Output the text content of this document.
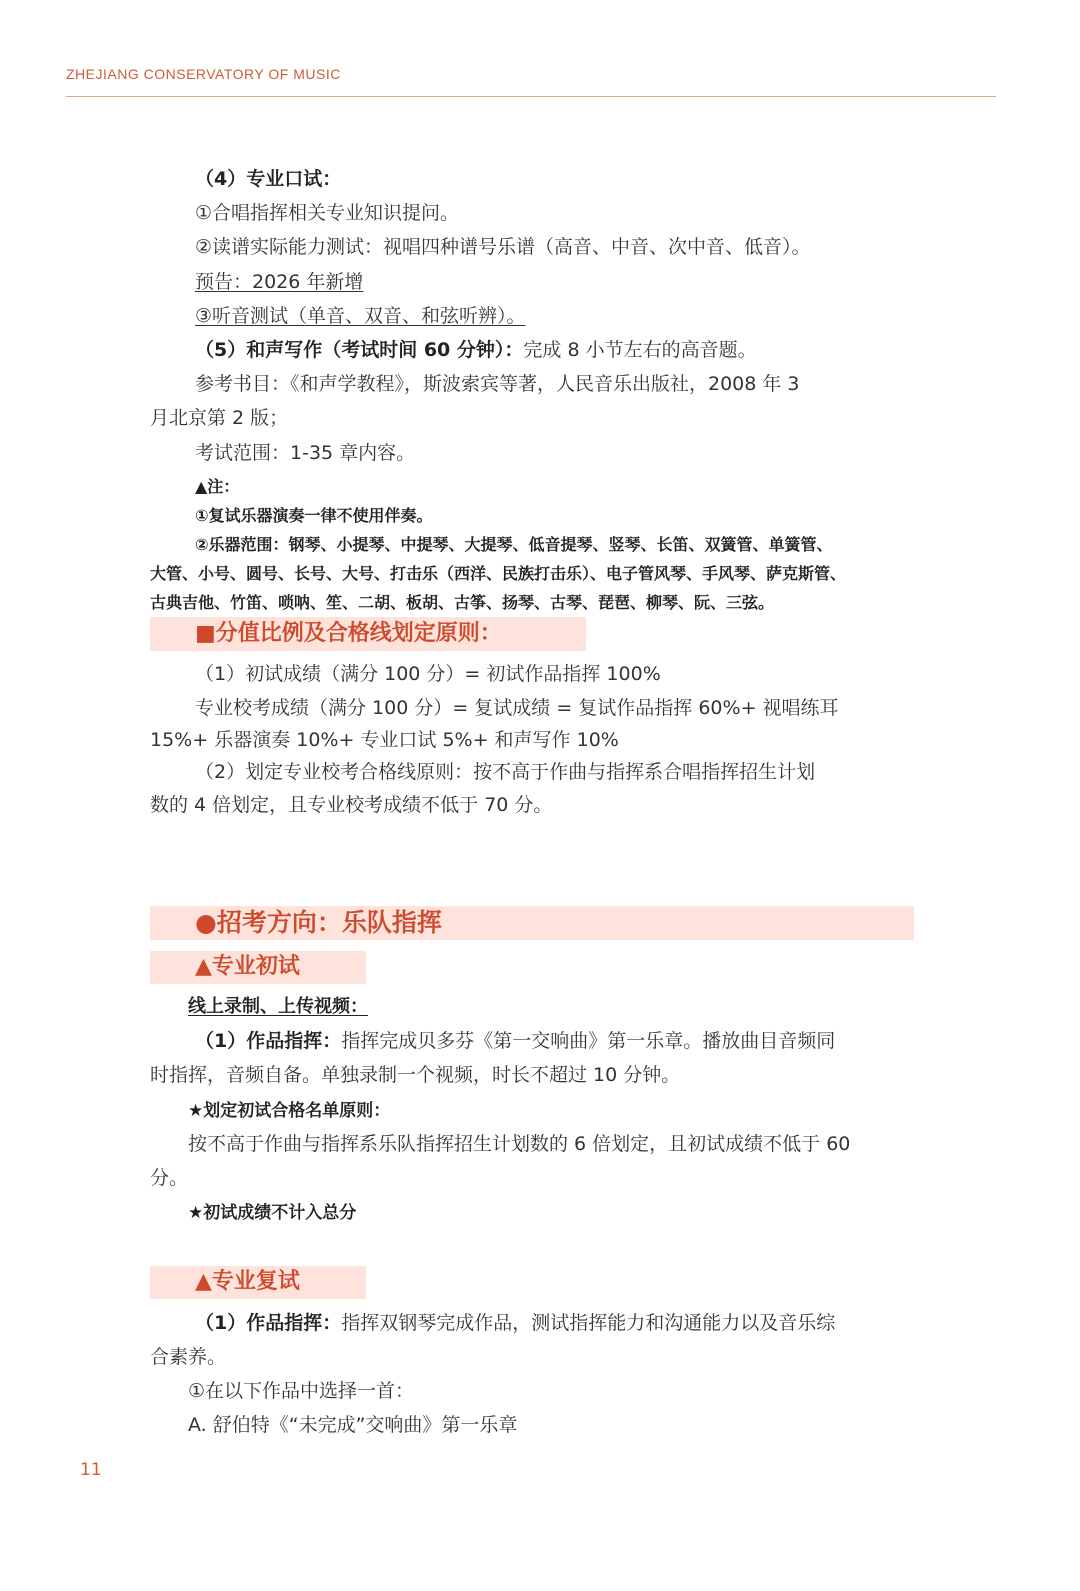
ZHEJIANG CONSERVATORY OF MUSIC
（4）专业口试：
①合唱指挥相关专业知识提问。
②读谱实际能力测试：视唱四种谱号乐谱（高音、中音、次中音、低音）。
预告：2026 年新增
③听音测试（单音、双音、和弦听辨）。
（5）和声写作（考试时间 60 分钟）：完成 8 小节左右的高音题。
参考书目：《和声学教程》，斯波索宾等著，人民音乐出版社，2008 年 3
月北京第 2 版；
考试范围：1-35 章内容。
▲注：
①复试乐器演奏一律不使用伴奏。
②乐器范围：钢琴、小提琴、中提琴、大提琴、低音提琴、竖琴、长笛、双簧管、单簧管、
大管、小号、圆号、长号、大号、打击乐（西洋、民族打击乐）、电子管风琴、手风琴、萨克斯管、
古典吉他、竹笛、唢呐、笙、二胡、板胡、古筝、扬琴、古琴、琵琶、柳琴、阮、三弦。
■分值比例及合格线划定原则：
（1）初试成绩（满分 100 分）= 初试作品指挥 100%
专业校考成绩（满分 100 分）= 复试成绩 = 复试作品指挥 60%+ 视唱练耳
15%+ 乐器演奏 10%+ 专业口试 5%+ 和声写作 10%
（2）划定专业校考合格线原则：按不高于作曲与指挥系合唱指挥招生计划
数的 4 倍划定，且专业校考成绩不低于 70 分。
●招考方向：乐队指挥
▲专业初试
线上录制、上传视频：
（1）作品指挥：指挥完成贝多芬《第一交响曲》第一乐章。播放曲目音频同
时指挥，音频自备。单独录制一个视频，时长不超过 10 分钟。
★划定初试合格名单原则：
按不高于作曲与指挥系乐队指挥招生计划数的 6 倍划定，且初试成绩不低于 60
分。
★初试成绩不计入总分
▲专业复试
（1）作品指挥：指挥双钢琴完成作品，测试指挥能力和沟通能力以及音乐综
合素养。
①在以下作品中选择一首：
A. 舒伯特《“未完成”交响曲》第一乐章
11
